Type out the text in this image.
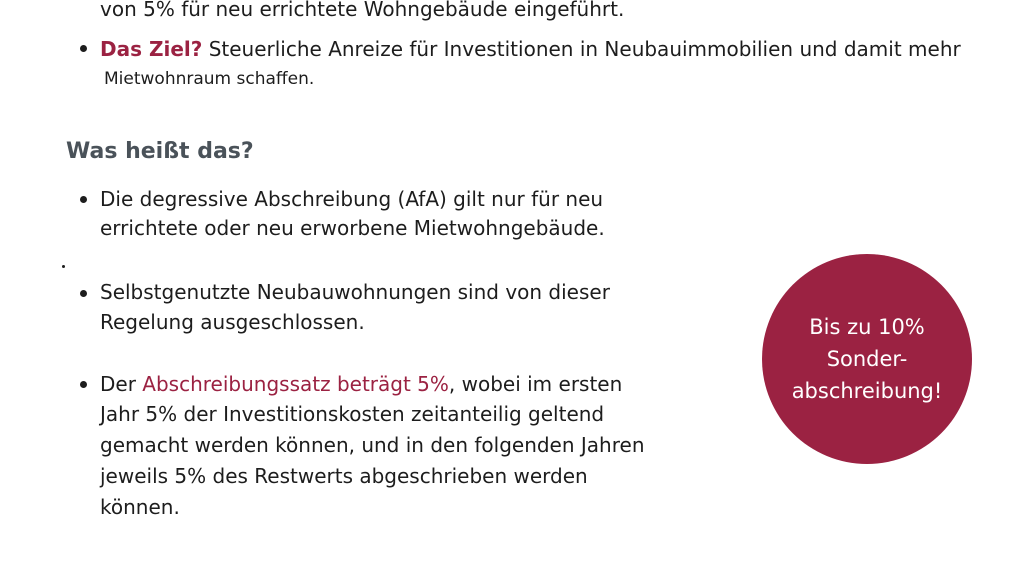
von 5% für neu errichtete Wohngebäude eingeführt.
Das Ziel? Steuerliche Anreize für Investitionen in Neubauimmobilien und damit mehr
Mietwohnraum schaffen.
Was heißt das?
Die degressive Abschreibung (AfA) gilt nur für neu
errichtete oder neu erworbene Mietwohngebäude.
Selbstgenutzte Neubauwohnungen sind von dieser
Regelung ausgeschlossen.
Der Abschreibungssatz beträgt 5%, wobei im ersten
Jahr 5% der Investitionskosten zeitanteilig geltend
gemacht werden können, und in den folgenden Jahren
jeweils 5% des Restwerts abgeschrieben werden
können.
Bis zu 10%
Sonder-
abschreibung!
